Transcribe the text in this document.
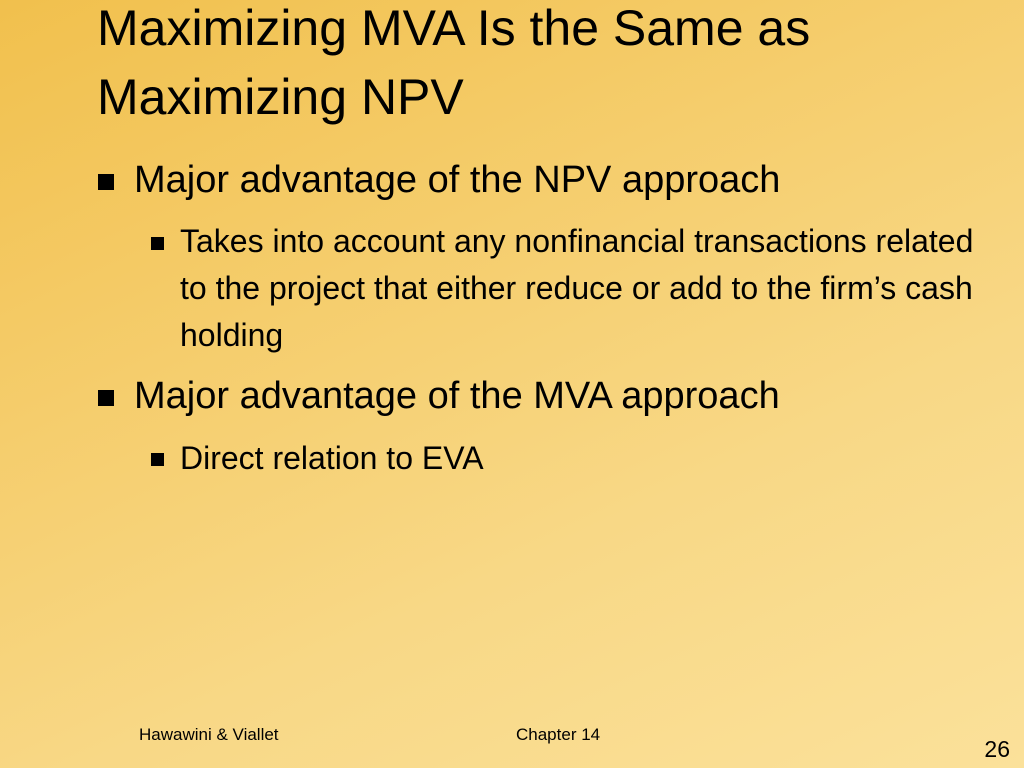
Maximizing MVA Is the Same as Maximizing NPV
Major advantage of the NPV approach
Takes into account any nonfinancial transactions related to the project that either reduce or add to the firm’s cash holding
Major advantage of the MVA approach
Direct relation to EVA
Hawawini & Viallet	Chapter 14
26
